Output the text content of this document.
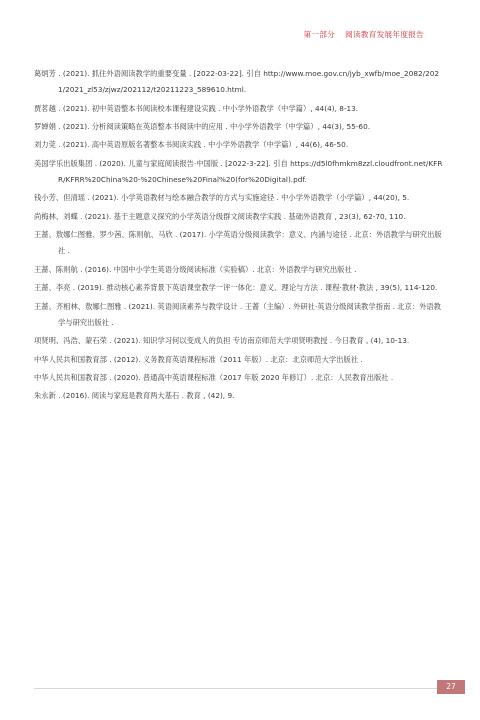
第一部分 阅读教育发展年度报告

葛炳芳 . (2021). 抓住外语阅读教学的重要变量 . [2022-03-22]. 引自 http://www.moe.gov.cn/jyb_xwfb/moe_2082/2021/2021_zl53/zjwz/202112/t20211223_589610.html.

贾茗越 . (2021). 初中英语整本书阅读校本课程建设实践 . 中小学外语教学（中学篇）, 44(4), 8-13.

罗婵娟 . (2021). 分析阅读策略在英语整本书阅读中的应用 . 中小学外语教学（中学篇）, 44(3), 55-60.

刘力莞 . (2021). 高中英语原版名著整本书阅读实践 . 中小学外语教学（中学篇）, 44(6), 46-50.

美国学乐出版集团 . (2020). 儿童与家庭阅读报告·中国版 . [2022-3-22]. 引自 https://d5l0fhmkm8zzl.cloudfront.net/KFRR/KFRR%20China%20-%20Chinese%20Final%20(for%20Digital).pdf.

钱小芳、但清瑶 . (2021). 小学英语教材与绘本融合教学的方式与实施途径 . 中小学外语教学（小学篇）, 44(20), 5.

尚梅林、刘蝶 . (2021). 基于主题意义探究的小学英语分级群文阅读教学实践 . 基础外语教育 , 23(3), 62-70, 110.

王蔷、敖娜仁图雅、罗少茜、陈则航、马欣 . (2017). 小学英语分级阅读教学：意义、内涵与途径 . 北京：外语教学与研究出版社 .

王蔷、陈则航 . (2016). 中国中小学生英语分级阅读标准（实验稿）. 北京：外语教学与研究出版社 .

王蔷、李亮 . (2019). 推动核心素养背景下英语课堂教学一评一体化：意义、理论与方法 . 课程·教材·教法 , 39(5), 114-120.

王蔷、齐相林、敖娜仁图雅 . (2021). 英语阅读素养与教学设计 . 王蔷（主编）. 外研社·英语分级阅读教学指南 . 北京：外语教学与研究出版社 .

项贤明、冯浩、蒙石荣 . (2021). 知识学习何以变成人的负担 专访南京师范大学项贤明教授 . 今日教育 , (4), 10-13.

中华人民共和国教育部 . (2012). 义务教育英语课程标准（2011 年版）. 北京：北京师范大学出版社 .

中华人民共和国教育部 . (2020). 普通高中英语课程标准（2017 年版 2020 年修订）. 北京：人民教育出版社 .

朱永新 . (2016). 阅读与家庭是教育两大基石 . 教育 , (42), 9.

27
